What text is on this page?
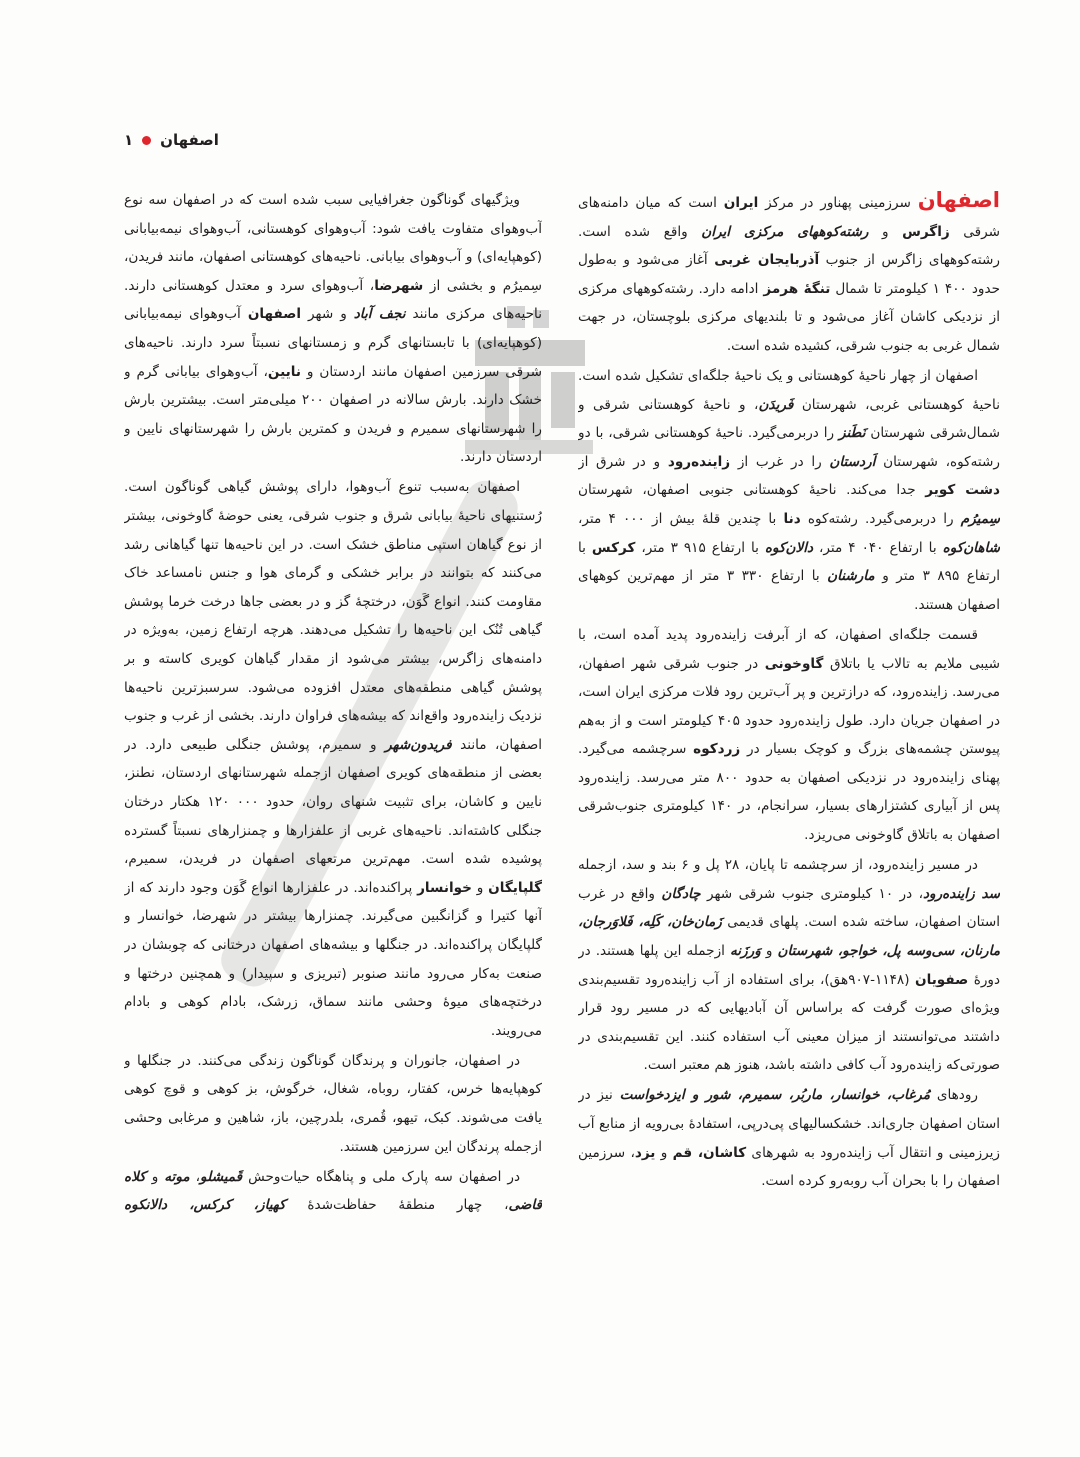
اصفهان
۱

اصفهان سرزمینی پهناور در مرکز ایران است که میان دامنه‌های شرقی زاگرس و رشته‌کوههای مرکزی ایران واقع شده است. رشته‌کوههای زاگرس از جنوب آذربایجان غربی آغاز می‌شود و به‌طول حدود ۱ ۴۰۰ کیلومتر تا شمال تنگهٔ هرمز ادامه دارد. رشته‌کوههای مرکزی از نزدیکی کاشان آغاز می‌شود و تا بلندیهای مرکزی بلوچستان، در جهت شمال غربی به جنوب شرقی، کشیده شده است.

اصفهان از چهار ناحیهٔ کوهستانی و یک ناحیهٔ جلگه‌ای تشکیل شده است. ناحیهٔ کوهستانی غربی، شهرستان فَریدَن، و ناحیهٔ کوهستانی شرقی و شمال‌شرقی شهرستان نَطَنز را دربرمی‌گیرد. ناحیهٔ کوهستانی شرقی، با دو رشته‌کوه، شهرستان اَردستان را در غرب از زاینده‌رود و در شرق از دشت کویر جدا می‌کند. ناحیهٔ کوهستانی جنوبی اصفهان، شهرستان سِمیرُم را دربرمی‌گیرد. رشته‌کوه دنا با چندین قلهٔ بیش از ۴ ۰۰۰ متر، شاهان‌کوه با ارتفاع ۴ ۰۴۰ متر، دالان‌کوه با ارتفاع ۳ ۹۱۵ متر، کرکس با ارتفاع ۳ ۸۹۵ متر و مارشنان با ارتفاع ۳ ۳۳۰ متر از مهم‌ترین کوههای اصفهان هستند.

قسمت جلگه‌ای اصفهان، که از آبرفت زاینده‌رود پدید آمده است، با شیبی ملایم به تالاب یا باتلاق گاوخونی در جنوب شرقی شهر اصفهان، می‌رسد. زاینده‌رود، که درازترین و پر آب‌ترین رود فلات مرکزی ایران است، در اصفهان جریان دارد. طول زاینده‌رود حدود ۴۰۵ کیلومتر است و از به‌هم پیوستن چشمه‌های بزرگ و کوچک بسیار در زردکوه سرچشمه می‌گیرد. پهنای زاینده‌رود در نزدیکی اصفهان به حدود ۸۰۰ متر می‌رسد. زاینده‌رود پس از آبیاری کشتزارهای بسیار، سرانجام، در ۱۴۰ کیلومتری جنوب‌شرقی اصفهان به باتلاق گاوخونی می‌ریزد.

در مسیر زاینده‌رود، از سرچشمه تا پایان، ۲۸ پل و ۶ بند و سد، ازجمله سد زاینده‌رود، در ۱۰ کیلومتری جنوب شرقی شهر چادگان واقع در غرب استان اصفهان، ساخته شده است. پلهای قدیمی زَمان‌خان، کَلِه، فَلاوَرجان، مارنان، سی‌وسه پل، خواجو، شهرستان و وَرزَنه ازجمله این پلها هستند. در دورهٔ صفویان (۱۱۴۸-۹۰۷ه‍ق)، برای استفاده از آب زاینده‌رود تقسیم‌بندی ویژه‌ای صورت گرفت که براساس آن آبادیهایی که در مسیر رود قرار داشتند می‌توانستند از میزان معینی آب استفاده کنند. این تقسیم‌بندی در صورتی‌که زاینده‌رود آب کافی داشته باشد، هنوز هم معتبر است.

رودهای مُرغاب، خوانسار، ماربُر، سمیرم، شور و ایزدخواست نیز در استان اصفهان جاری‌اند. خشکسالیهای پی‌درپی، استفادهٔ بی‌رویه از منابع آب زیرزمینی و انتقال آب زاینده‌رود به شهرهای کاشان، قم و یزد، سرزمین اصفهان را با بحران آب روبه‌رو کرده است.

ویژگیهای گوناگون جغرافیایی سبب شده است که در اصفهان سه نوع آب‌وهوای متفاوت یافت شود: آب‌وهوای کوهستانی، آب‌وهوای نیمه‌بیابانی (کوهپایه‌ای) و آب‌وهوای بیابانی. ناحیه‌های کوهستانی اصفهان، مانند فریدن، سِمیرُم و بخشی از شهرضا، آب‌وهوای سرد و معتدل کوهستانی دارند. ناحیه‌های مرکزی مانند نجف آباد و شهر اصفهان آب‌وهوای نیمه‌بیابانی (کوهپایه‌ای) با تابستانهای گرم و زمستانهای نسبتاً سرد دارند. ناحیه‌های شرقی سرزمین اصفهان مانند اردستان و نایین، آب‌وهوای بیابانی گرم و خشک دارند. بارش سالانه در اصفهان ۲۰۰ میلی‌متر است. بیشترین بارش را شهرستانهای سمیرم و فریدن و کمترین بارش را شهرستانهای نایین و اردستان دارند.

اصفهان به‌سبب تنوع آب‌وهوا، دارای پوشش گیاهی گوناگون است. رُستنیهای ناحیهٔ بیابانی شرق و جنوب شرقی، یعنی حوضهٔ گاوخونی، بیشتر از نوع گیاهان استپی مناطق خشک است. در این ناحیه‌ها تنها گیاهانی رشد می‌کنند که بتوانند در برابر خشکی و گرمای هوا و جنس نامساعد خاک مقاومت کنند. انواع گَوَن، درختچهٔ گز و در بعضی جاها درخت خرما پوشش گیاهی تُنُک این ناحیه‌ها را تشکیل می‌دهند. هرچه ارتفاع زمین، به‌ویژه در دامنه‌های زاگرس، بیشتر می‌شود از مقدار گیاهان کویری کاسته و بر پوشش گیاهی منطقه‌های معتدل افزوده می‌شود. سرسبزترین ناحیه‌ها نزدیک زاینده‌رود واقع‌اند که بیشه‌های فراوان دارند. بخشی از غرب و جنوب اصفهان، مانند فریدون‌شهر و سمیرم، پوشش جنگلی طبیعی دارد. در بعضی از منطقه‌های کویری اصفهان ازجمله شهرستانهای اردستان، نطنز، نایین و کاشان، برای تثبیت شنهای روان، حدود ۱۲۰ ۰۰۰ هکتار درختان جنگلی کاشته‌اند. ناحیه‌های غربی از علفزارها و چمنزارهای نسبتاً گسترده پوشیده شده است. مهم‌ترین مرتعهای اصفهان در فریدن، سمیرم، گلپایگان و خوانسار پراکنده‌اند. در علفزارها انواع گَوَن وجود دارند که از آنها کتیرا و گزانگبین می‌گیرند. چمنزارها بیشتر در شهرضا، خوانسار و گلپایگان پراکنده‌اند. در جنگلها و بیشه‌های اصفهان درختانی که چوبشان در صنعت به‌کار می‌رود مانند صنوبر (تبریزی و سپیدار) و همچنین درختها و درختچه‌های میوهٔ وحشی مانند سماق، زرشک، بادام کوهی و بادام می‌رویند.

در اصفهان، جانوران و پرندگان گوناگون زندگی می‌کنند. در جنگلها و کوهپایه‌ها خرس، کفتار، روباه، شغال، خرگوش، بز کوهی و قوچ کوهی یافت می‌شوند. کبک، تیهو، قُمری، بلدرچین، باز، شاهین و مرغابی وحشی ازجمله پرندگان این سرزمین هستند.

در اصفهان سه پارک ملی و پناهگاه حیات‌وحش قَمیشلو، موته و کلاه قاضی، چهار منطقهٔ حفاظت‌شدهٔ کهیاز، کرکس، دالانکوه
